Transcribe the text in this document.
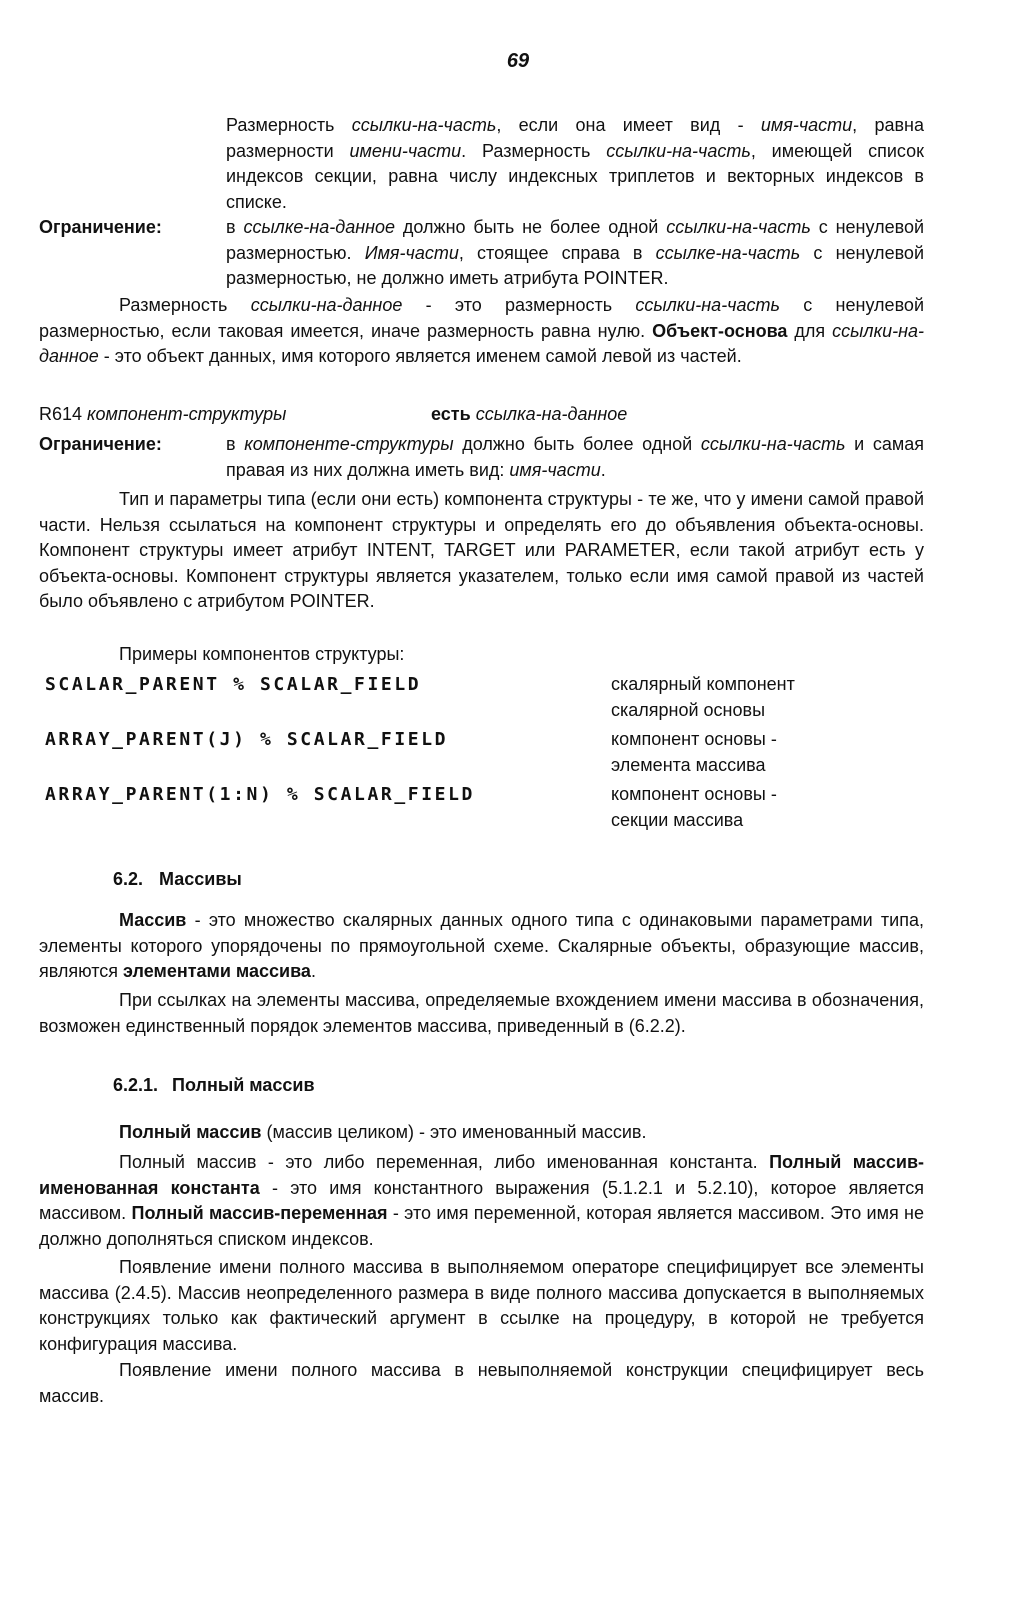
69

Размерность ссылки-на-часть, если она имеет вид - имя-части, равна размерности имени-части. Размерность ссылки-на-часть, имеющей список индексов секции, равна числу индексных триплетов и векторных индексов в списке.

Ограничение:	в ссылке-на-данное должно быть не более одной ссылки-на-часть с ненулевой размерностью. Имя-части, стоящее справа в ссылке-на-часть с ненулевой размерностью, не должно иметь атрибута POINTER.

Размерность ссылки-на-данное - это размерность ссылки-на-часть с ненулевой размерностью, если таковая имеется, иначе размерность равна нулю. Объект-основа для ссылки-на-данное - это объект данных, имя которого является именем самой левой из частей.

R614 компонент-структуры	есть ссылка-на-данное
Ограничение:	в компоненте-структуры должно быть более одной ссылки-на-часть и самая правая из них должна иметь вид: имя-части.

Тип и параметры типа (если они есть) компонента структуры - те же, что у имени самой правой части. Нельзя ссылаться на компонент структуры и определять его до объявления объекта-основы. Компонент структуры имеет атрибут INTENT, TARGET или PARAMETER, если такой атрибут есть у объекта-основы. Компонент структуры является указателем, только если имя самой правой из частей было объявлено с атрибутом POINTER.

Примеры компонентов структуры:
SCALAR_PARENT % SCALAR_FIELD	скалярный компонент
скалярной основы
ARRAY_PARENT(J) % SCALAR_FIELD	компонент основы -
элемента массива
ARRAY_PARENT(1:N) % SCALAR_FIELD	компонент основы -
секции массива
6.2. Массивы

Массив - это множество скалярных данных одного типа с одинаковыми параметрами типа, элементы которого упорядочены по прямоугольной схеме. Скалярные объекты, образующие массив, являются элементами массива.

При ссылках на элементы массива, определяемые вхождением имени массива в обозначения, возможен единственный порядок элементов массива, приведенный в (6.2.2).

6.2.1. Полный массив

Полный массив (массив целиком) - это именованный массив.

Полный массив - это либо переменная, либо именованная константа. Полный массив-именованная константа - это имя константного выражения (5.1.2.1 и 5.2.10), которое является массивом. Полный массив-переменная - это имя переменной, которая является массивом. Это имя не должно дополняться списком индексов.

Появление имени полного массива в выполняемом операторе специфицирует все элементы массива (2.4.5). Массив неопределенного размера в виде полного массива допускается в выполняемых конструкциях только как фактический аргумент в ссылке на процедуру, в которой не требуется конфигурация массива.

Появление имени полного массива в невыполняемой конструкции специфицирует весь массив.
